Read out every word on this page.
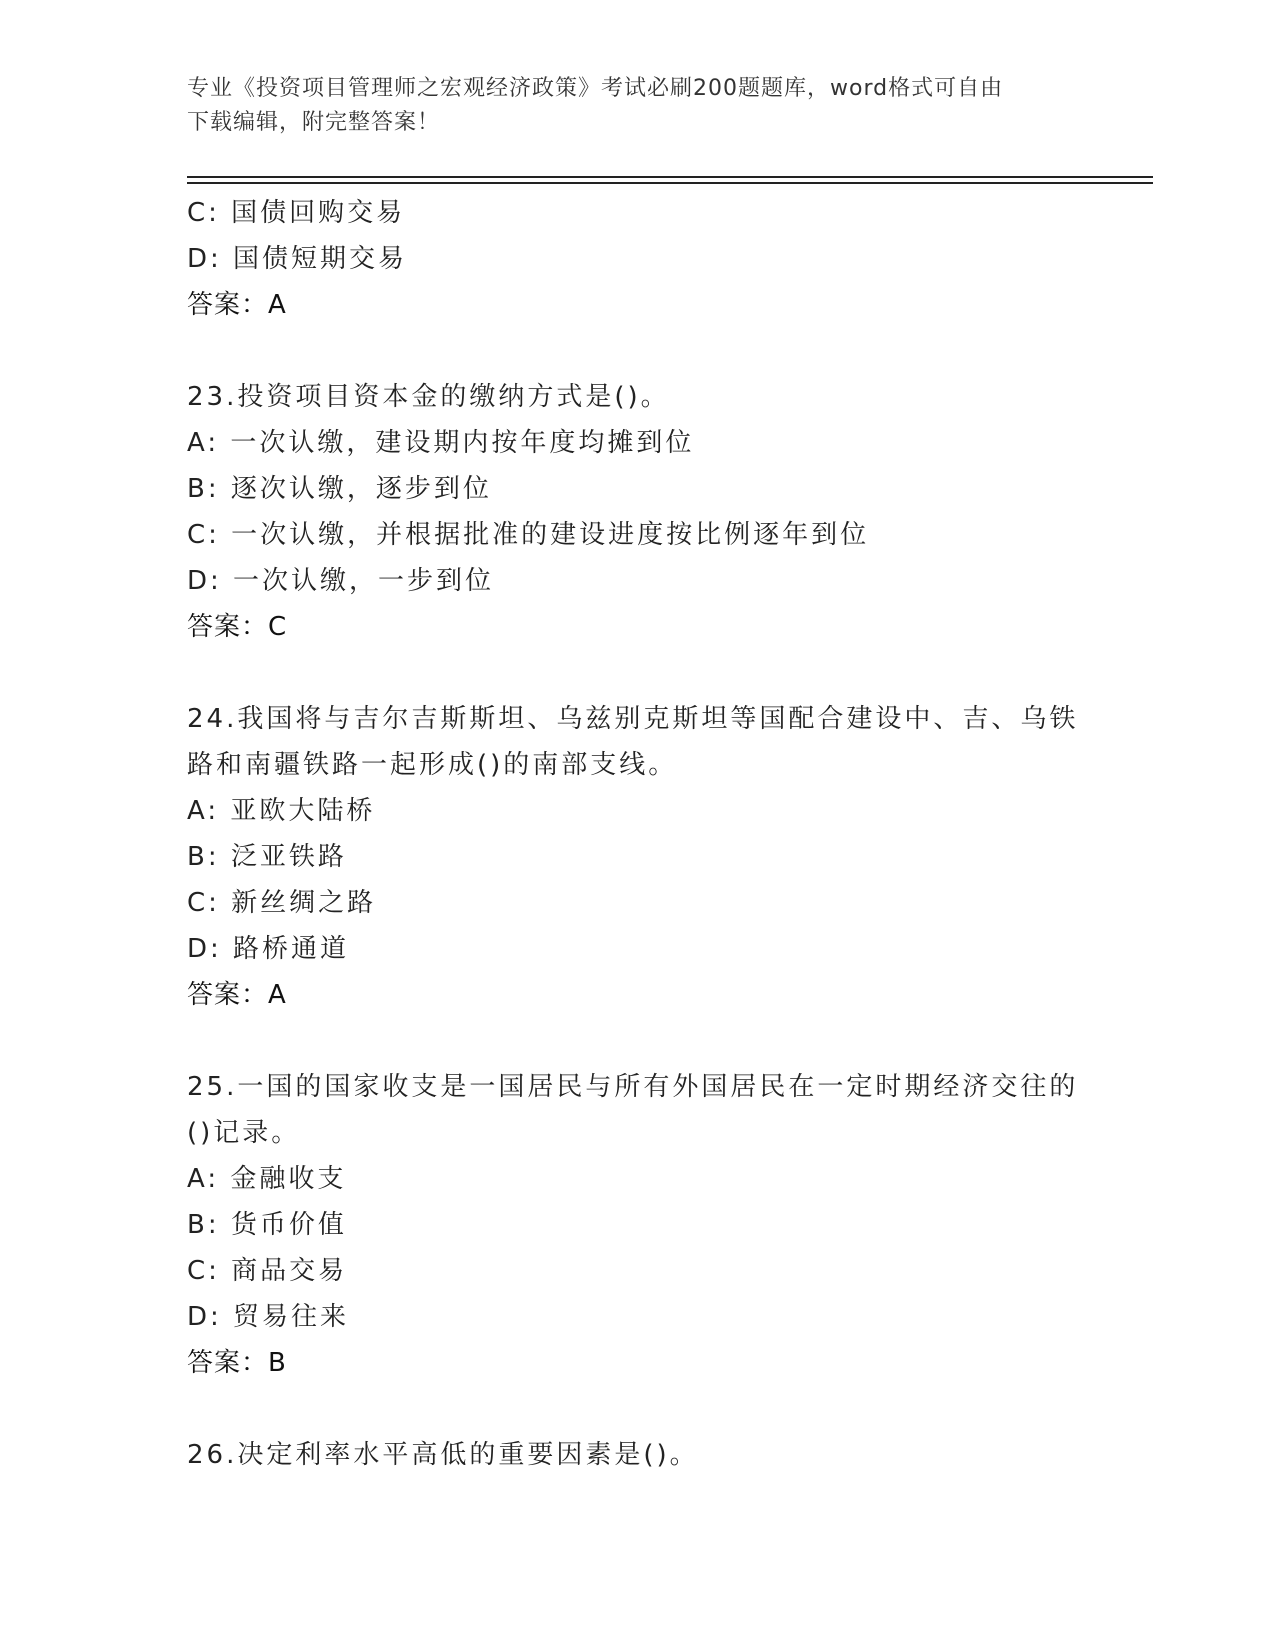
专业《投资项目管理师之宏观经济政策》考试必刷200题题库，word格式可自由
下载编辑，附完整答案！
C: 国债回购交易
D: 国债短期交易
答案：A
23.投资项目资本金的缴纳方式是()。
A: 一次认缴，建设期内按年度均摊到位
B: 逐次认缴，逐步到位
C: 一次认缴，并根据批准的建设进度按比例逐年到位
D: 一次认缴，一步到位
答案：C
24.我国将与吉尔吉斯斯坦、乌兹别克斯坦等国配合建设中、吉、乌铁
路和南疆铁路一起形成()的南部支线。
A: 亚欧大陆桥
B: 泛亚铁路
C: 新丝绸之路
D: 路桥通道
答案：A
25.一国的国家收支是一国居民与所有外国居民在一定时期经济交往的
()记录。
A: 金融收支
B: 货币价值
C: 商品交易
D: 贸易往来
答案：B
26.决定利率水平高低的重要因素是()。
